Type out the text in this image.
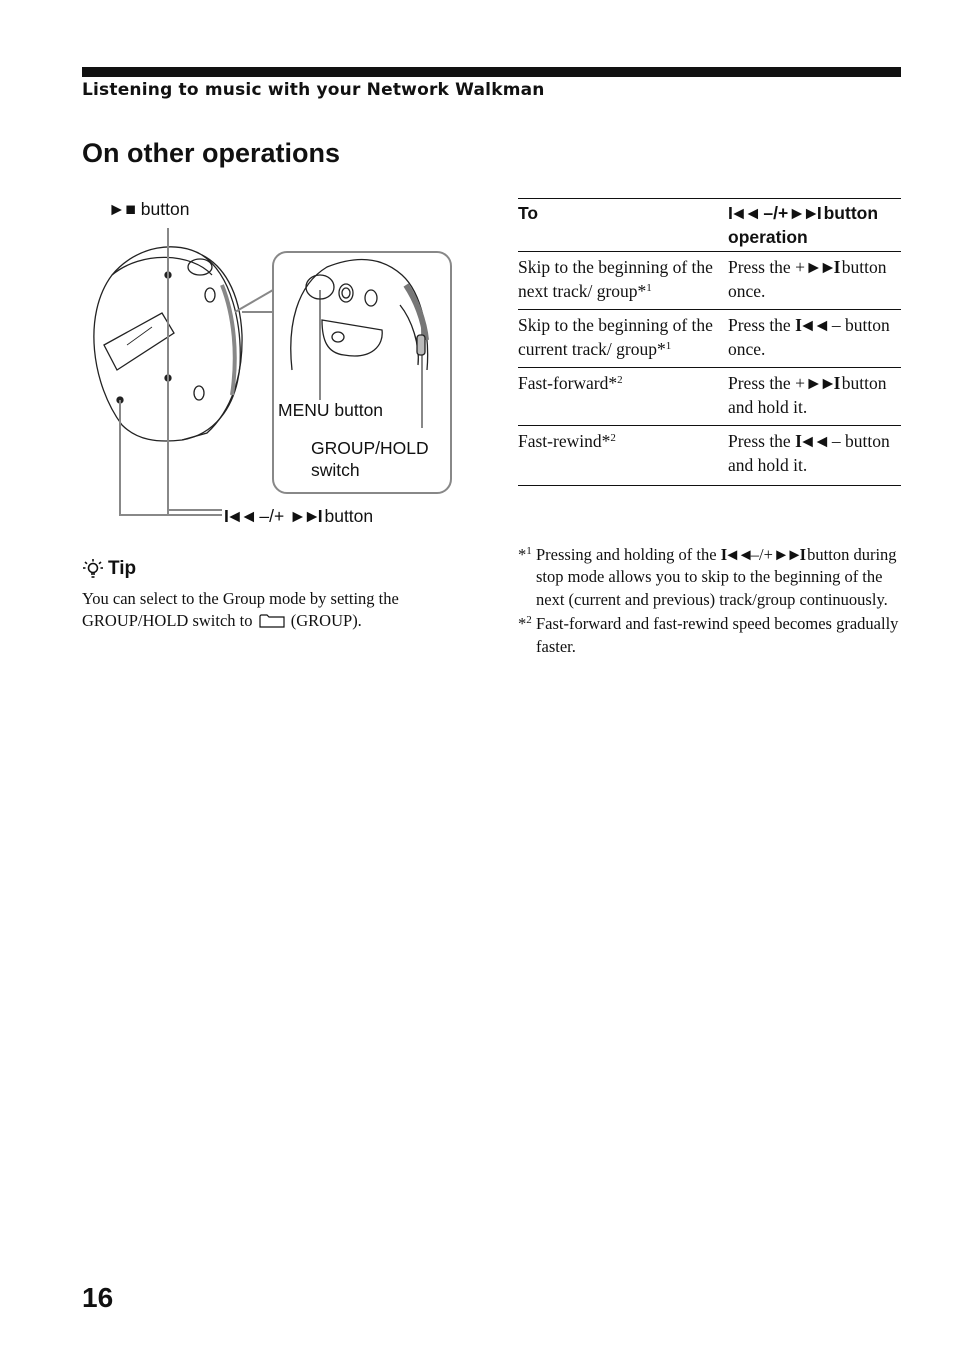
Listening to music with your Network Walkman
On other operations
►■ button
MENU button
GROUP/HOLD
switch
I◄◄ –/+ ►►I button
Tip
You can select to the Group mode by setting the GROUP/HOLD switch to (GROUP).
To	I◄◄ –/+►►I button operation
Skip to the beginning of the next track/ group*$^1$	Press the +►►I button once.
Skip to the beginning of the current track/ group*$^1$	Press the I◄◄ – button once.
Fast-forward*$^2$	Press the +►►I button and hold it.
Fast-rewind*$^2$	Press the I◄◄ – button and hold it.
*$^1$ Pressing and holding of the I◄◄–/+►►I button during stop mode allows you to skip to the beginning of the next (current and previous) track/group continuously.
*$^2$ Fast-forward and fast-rewind speed becomes gradually faster.
16
